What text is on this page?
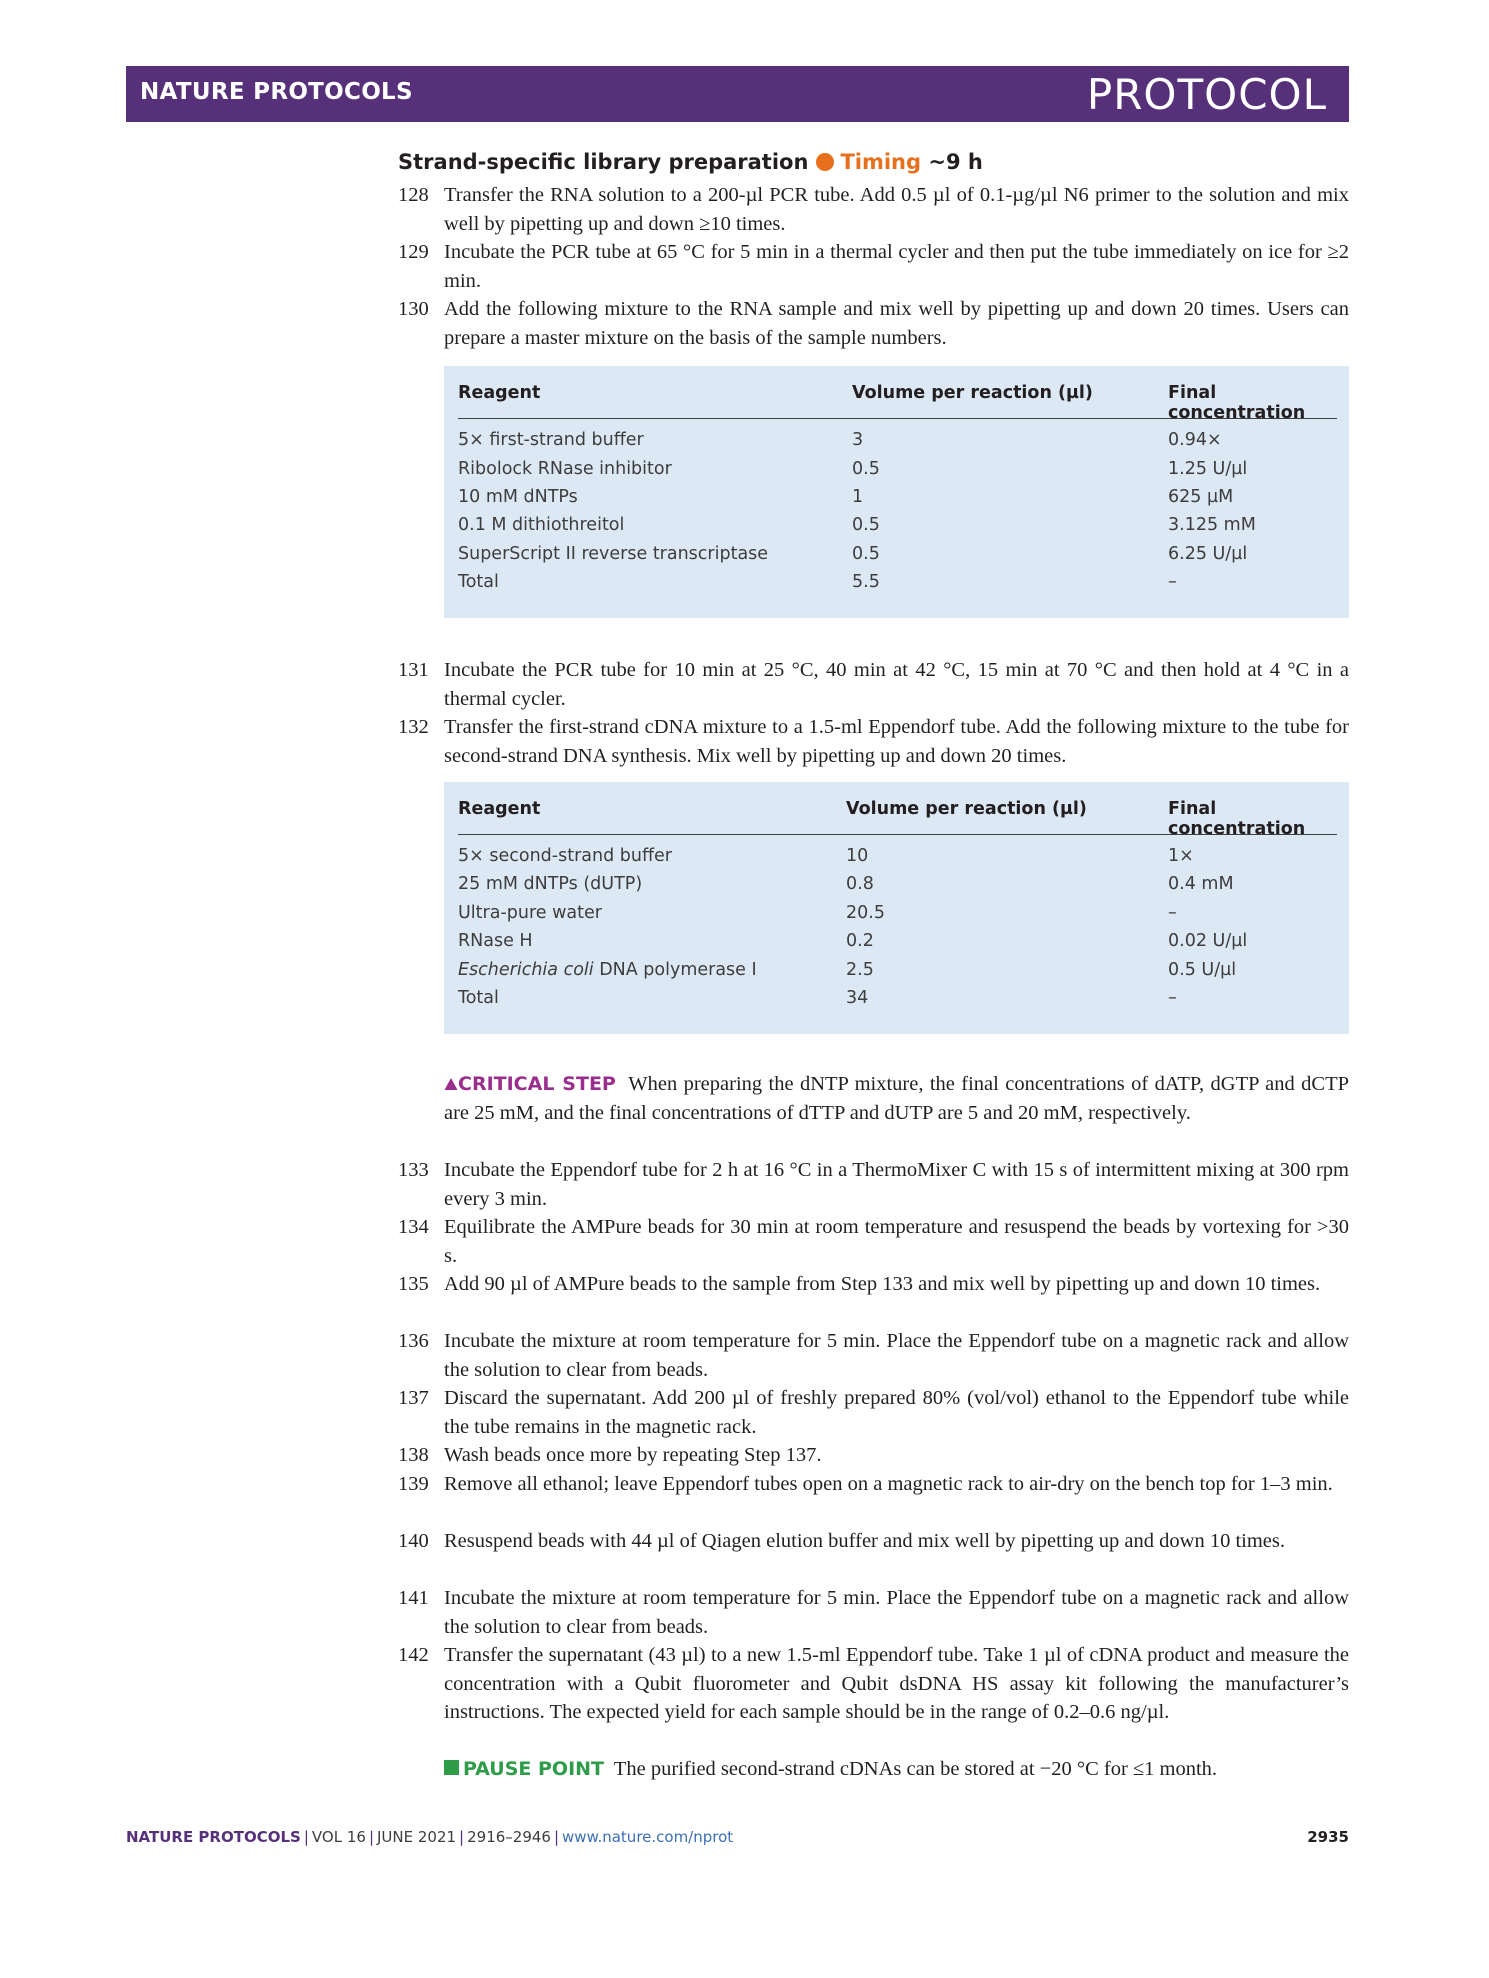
NATURE PROTOCOLS	PROTOCOL
Strand-specific library preparation Timing ~9 h
128 Transfer the RNA solution to a 200-µl PCR tube. Add 0.5 µl of 0.1-µg/µl N6 primer to the solution and mix well by pipetting up and down ≥10 times.
129 Incubate the PCR tube at 65 °C for 5 min in a thermal cycler and then put the tube immediately on ice for ≥2 min.
130 Add the following mixture to the RNA sample and mix well by pipetting up and down 20 times. Users can prepare a master mixture on the basis of the sample numbers.
Reagent	Volume per reaction (µl)	Final concentration
5× first-strand buffer	3	0.94×
Ribolock RNase inhibitor	0.5	1.25 U/µl
10 mM dNTPs	1	625 µM
0.1 M dithiothreitol	0.5	3.125 mM
SuperScript II reverse transcriptase	0.5	6.25 U/µl
Total	5.5	–
131 Incubate the PCR tube for 10 min at 25 °C, 40 min at 42 °C, 15 min at 70 °C and then hold at 4 °C in a thermal cycler.
132 Transfer the first-strand cDNA mixture to a 1.5-ml Eppendorf tube. Add the following mixture to the tube for second-strand DNA synthesis. Mix well by pipetting up and down 20 times.
Reagent	Volume per reaction (µl)	Final concentration
5× second-strand buffer	10	1×
25 mM dNTPs (dUTP)	0.8	0.4 mM
Ultra-pure water	20.5	–
RNase H	0.2	0.02 U/µl
Escherichia coli DNA polymerase I	2.5	0.5 U/µl
Total	34	–
CRITICAL STEP When preparing the dNTP mixture, the final concentrations of dATP, dGTP and dCTP are 25 mM, and the final concentrations of dTTP and dUTP are 5 and 20 mM, respectively.
133 Incubate the Eppendorf tube for 2 h at 16 °C in a ThermoMixer C with 15 s of intermittent mixing at 300 rpm every 3 min.
134 Equilibrate the AMPure beads for 30 min at room temperature and resuspend the beads by vortexing for >30 s.
135 Add 90 µl of AMPure beads to the sample from Step 133 and mix well by pipetting up and down 10 times.
136 Incubate the mixture at room temperature for 5 min. Place the Eppendorf tube on a magnetic rack and allow the solution to clear from beads.
137 Discard the supernatant. Add 200 µl of freshly prepared 80% (vol/vol) ethanol to the Eppendorf tube while the tube remains in the magnetic rack.
138 Wash beads once more by repeating Step 137.
139 Remove all ethanol; leave Eppendorf tubes open on a magnetic rack to air-dry on the bench top for 1–3 min.
140 Resuspend beads with 44 µl of Qiagen elution buffer and mix well by pipetting up and down 10 times.
141 Incubate the mixture at room temperature for 5 min. Place the Eppendorf tube on a magnetic rack and allow the solution to clear from beads.
142 Transfer the supernatant (43 µl) to a new 1.5-ml Eppendorf tube. Take 1 µl of cDNA product and measure the concentration with a Qubit fluorometer and Qubit dsDNA HS assay kit following the manufacturer’s instructions. The expected yield for each sample should be in the range of 0.2–0.6 ng/µl.
PAUSE POINT The purified second-strand cDNAs can be stored at −20 °C for ≤1 month.
NATURE PROTOCOLS | VOL 16 | JUNE 2021 | 2916–2946 | www.nature.com/nprot	2935
